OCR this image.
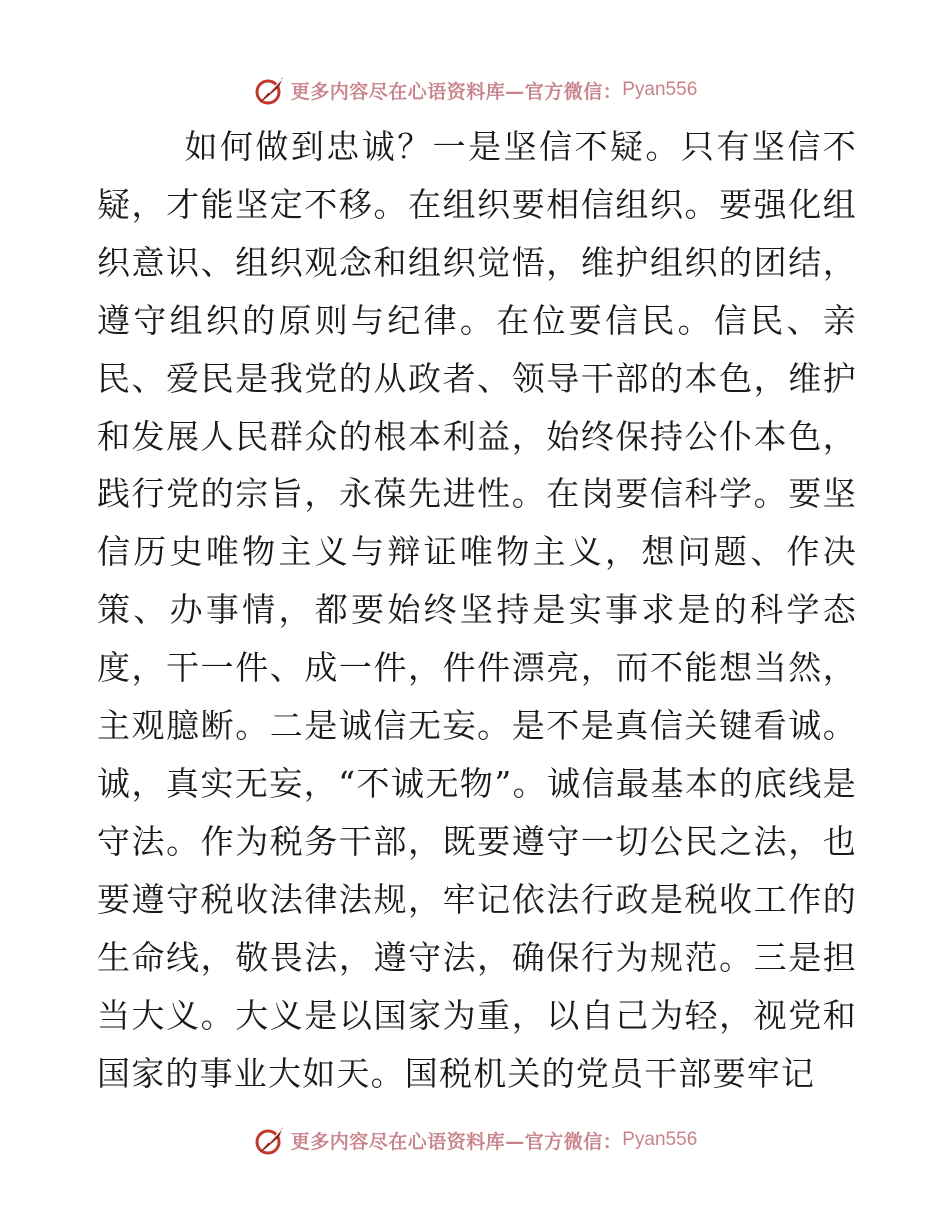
更多内容尽在心语资料库—官方微信： Pyan556

如何做到忠诚？一是坚信不疑。只有坚信不疑，才能坚定不移。在组织要相信组织。要强化组织意识、组织观念和组织觉悟，维护组织的团结，遵守组织的原则与纪律。在位要信民。信民、亲民、爱民是我党的从政者、领导干部的本色，维护和发展人民群众的根本利益，始终保持公仆本色，践行党的宗旨，永葆先进性。在岗要信科学。要坚信历史唯物主义与辩证唯物主义，想问题、作决策、办事情，都要始终坚持是实事求是的科学态度，干一件、成一件，件件漂亮，而不能想当然，主观臆断。二是诚信无妄。是不是真信关键看诚。诚，真实无妄，“不诚无物”。诚信最基本的底线是守法。作为税务干部，既要遵守一切公民之法，也要遵守税收法律法规，牢记依法行政是税收工作的生命线，敬畏法，遵守法，确保行为规范。三是担当大义。大义是以国家为重，以自己为轻，视党和国家的事业大如天。国税机关的党员干部要牢记

更多内容尽在心语资料库—官方微信： Pyan556
